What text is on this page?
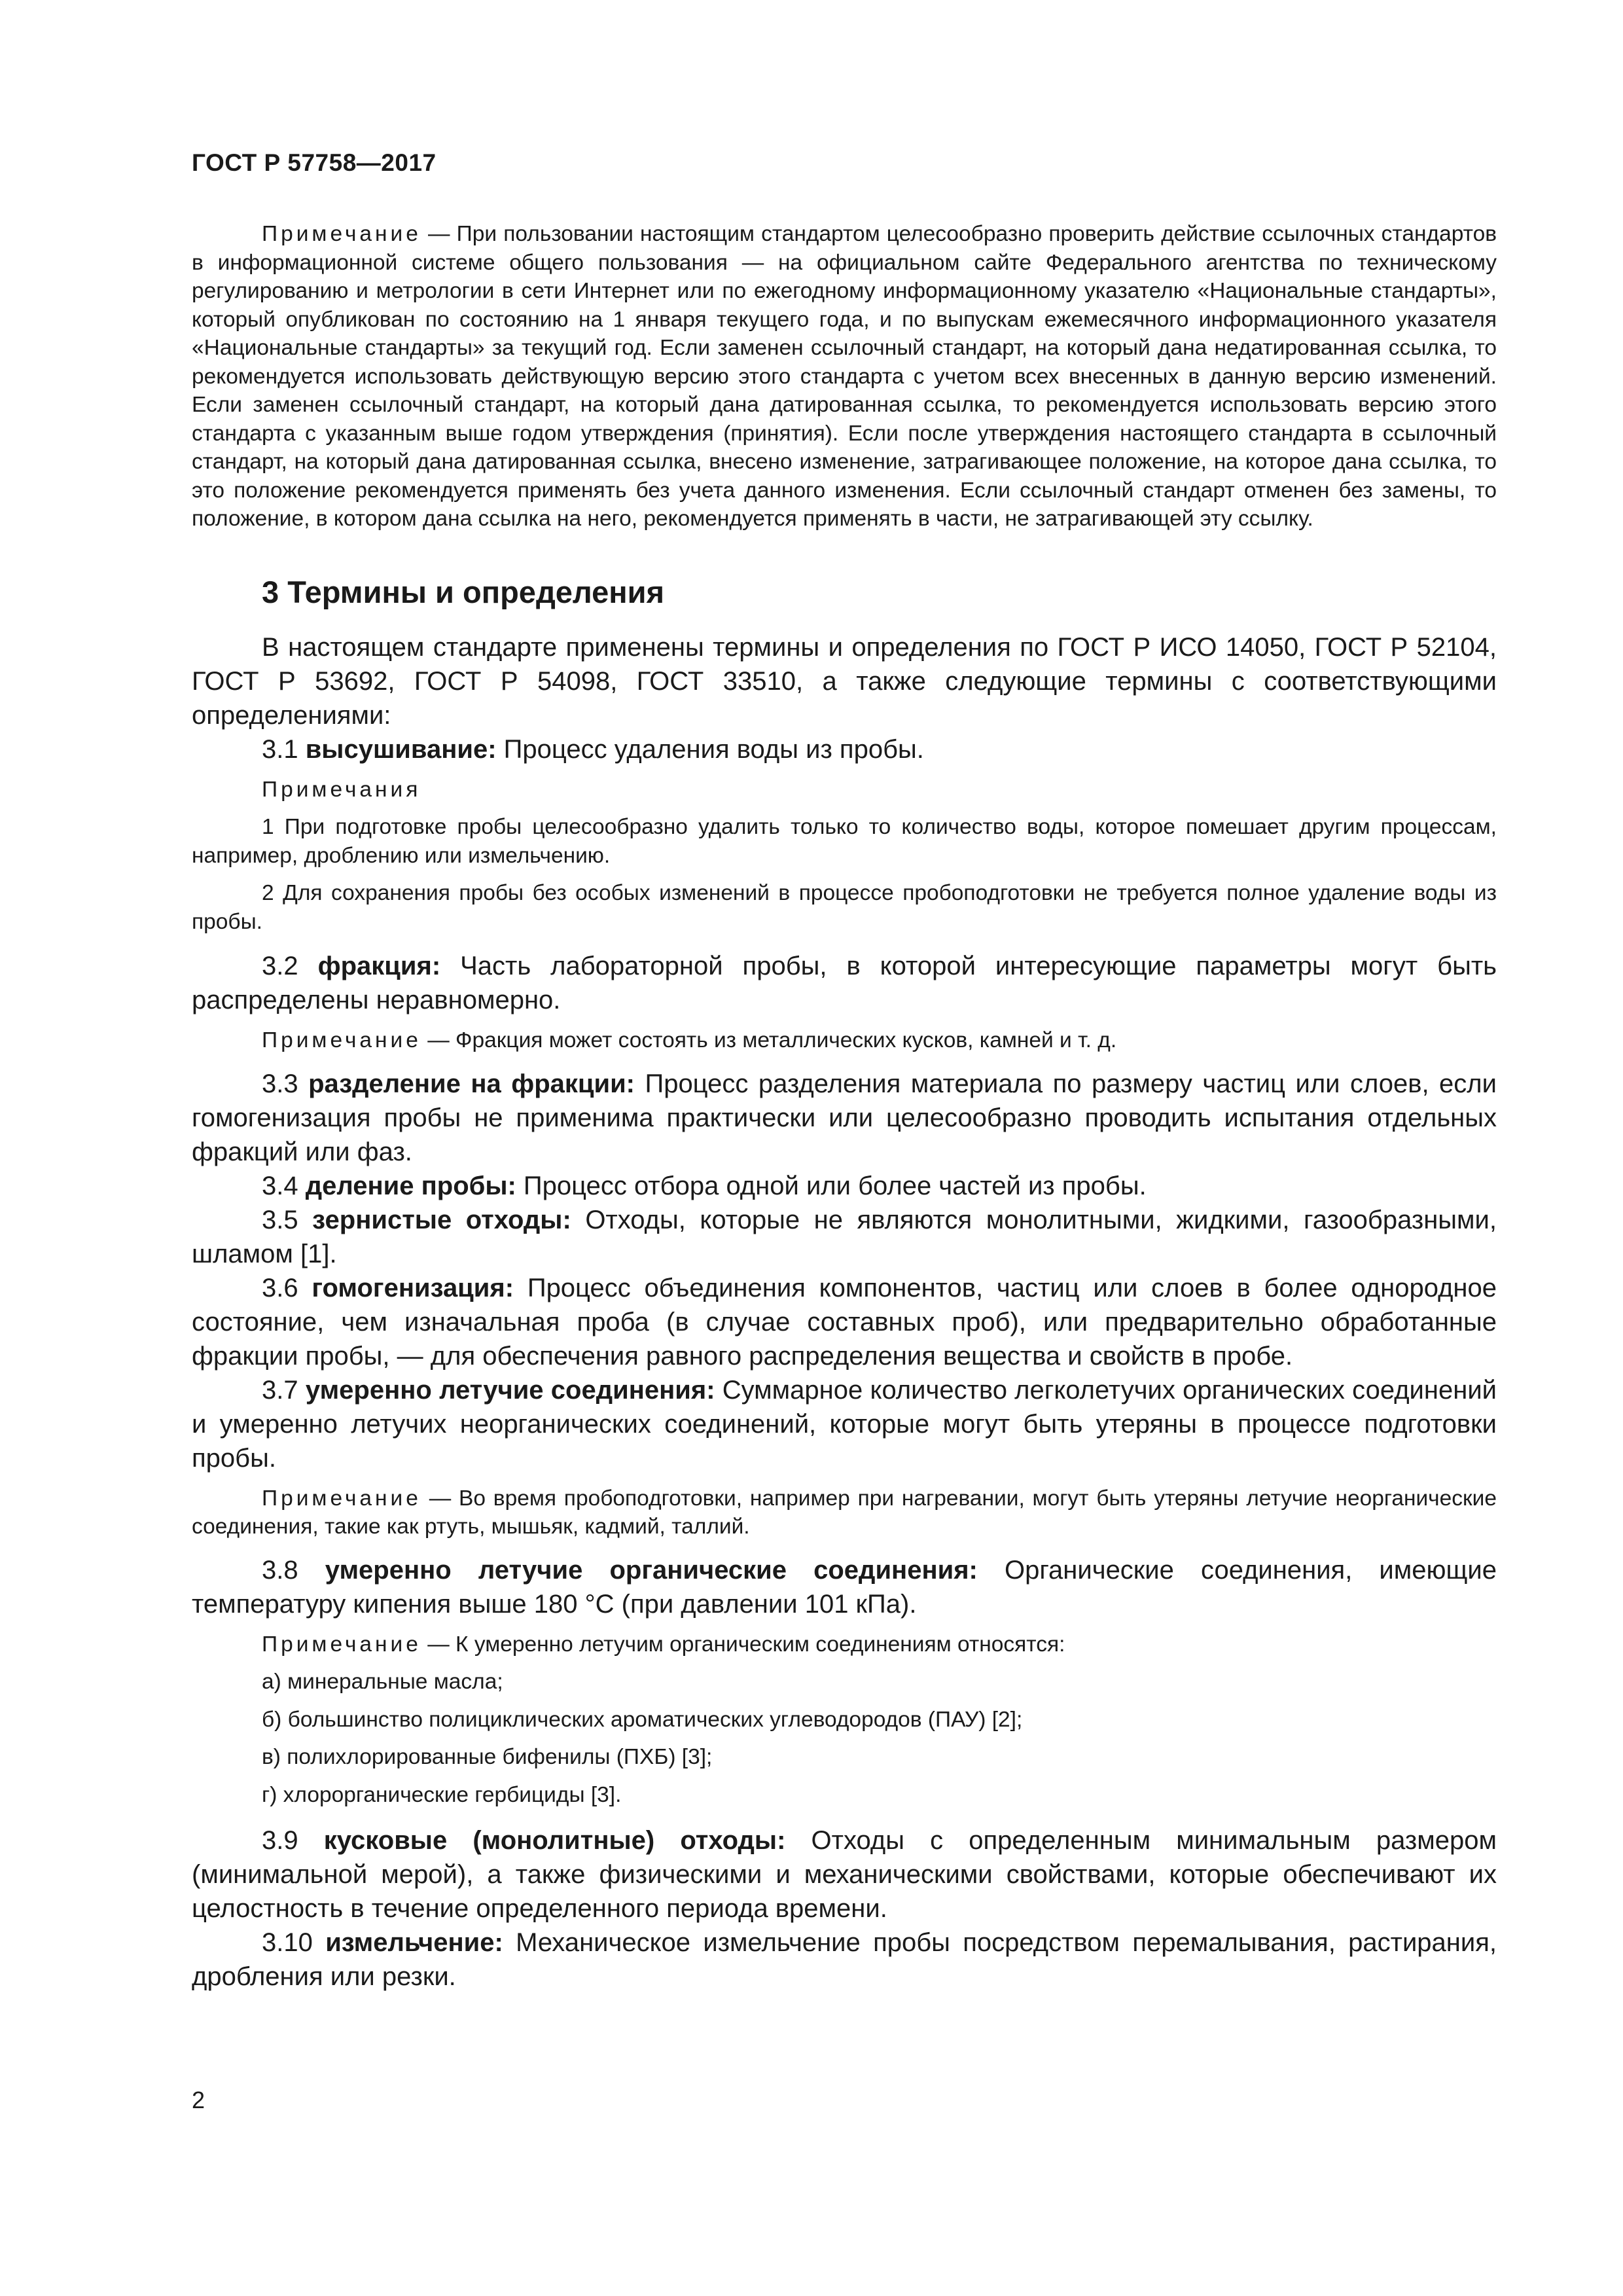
ГОСТ Р 57758—2017

Примечание — При пользовании настоящим стандартом целесообразно проверить действие ссылочных стандартов в информационной системе общего пользования — на официальном сайте Федерального агентства по техническому регулированию и метрологии в сети Интернет или по ежегодному информационному указателю «Национальные стандарты», который опубликован по состоянию на 1 января текущего года, и по выпускам ежемесячного информационного указателя «Национальные стандарты» за текущий год. Если заменен ссылочный стандарт, на который дана недатированная ссылка, то рекомендуется использовать действующую версию этого стандарта с учетом всех внесенных в данную версию изменений. Если заменен ссылочный стандарт, на который дана датированная ссылка, то рекомендуется использовать версию этого стандарта с указанным выше годом утверждения (принятия). Если после утверждения настоящего стандарта в ссылочный стандарт, на который дана датированная ссылка, внесено изменение, затрагивающее положение, на которое дана ссылка, то это положение рекомендуется применять без учета данного изменения. Если ссылочный стандарт отменен без замены, то положение, в котором дана ссылка на него, рекомендуется применять в части, не затрагивающей эту ссылку.

3 Термины и определения

В настоящем стандарте применены термины и определения по ГОСТ Р ИСО 14050, ГОСТ Р 52104, ГОСТ Р 53692, ГОСТ Р 54098, ГОСТ 33510, а также следующие термины с соответствующими определениями:

3.1 высушивание: Процесс удаления воды из пробы.

Примечания

1 При подготовке пробы целесообразно удалить только то количество воды, которое помешает другим процессам, например, дроблению или измельчению.

2 Для сохранения пробы без особых изменений в процессе пробоподготовки не требуется полное удаление воды из пробы.

3.2 фракция: Часть лабораторной пробы, в которой интересующие параметры могут быть распределены неравномерно.

Примечание — Фракция может состоять из металлических кусков, камней и т. д.

3.3 разделение на фракции: Процесс разделения материала по размеру частиц или слоев, если гомогенизация пробы не применима практически или целесообразно проводить испытания отдельных фракций или фаз.

3.4 деление пробы: Процесс отбора одной или более частей из пробы.

3.5 зернистые отходы: Отходы, которые не являются монолитными, жидкими, газообразными, шламом [1].

3.6 гомогенизация: Процесс объединения компонентов, частиц или слоев в более однородное состояние, чем изначальная проба (в случае составных проб), или предварительно обработанные фракции пробы, — для обеспечения равного распределения вещества и свойств в пробе.

3.7 умеренно летучие соединения: Суммарное количество легколетучих органических соединений и умеренно летучих неорганических соединений, которые могут быть утеряны в процессе подготовки пробы.

Примечание — Во время пробоподготовки, например при нагревании, могут быть утеряны летучие неорганические соединения, такие как ртуть, мышьяк, кадмий, таллий.

3.8 умеренно летучие органические соединения: Органические соединения, имеющие температуру кипения выше 180 °С (при давлении 101 кПа).

Примечание — К умеренно летучим органическим соединениям относятся:

а) минеральные масла;

б) большинство полициклических ароматических углеводородов (ПАУ) [2];

в) полихлорированные бифенилы (ПХБ) [3];

г) хлорорганические гербициды [3].

3.9 кусковые (монолитные) отходы: Отходы с определенным минимальным размером (минимальной мерой), а также физическими и механическими свойствами, которые обеспечивают их целостность в течение определенного периода времени.

3.10 измельчение: Механическое измельчение пробы посредством перемалывания, растирания, дробления или резки.

2
